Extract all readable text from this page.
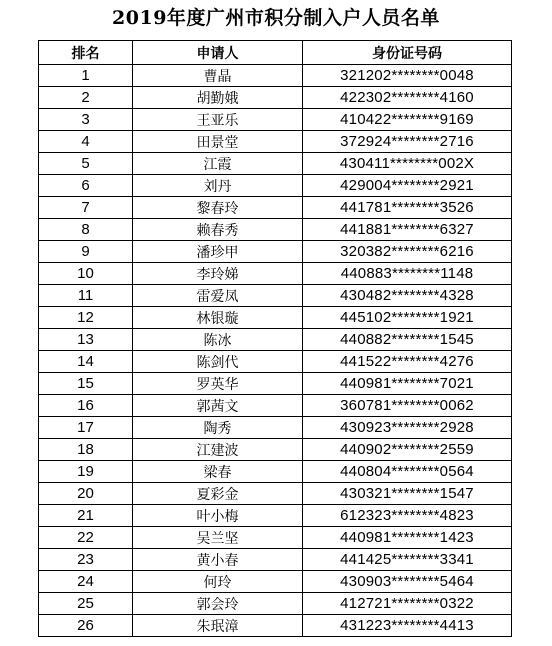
2019年度广州市积分制入户人员名单
排名	申请人	身份证号码
1	曹晶	321202********0048
2	胡勤娥	422302********4160
3	王亚乐	410422********9169
4	田景堂	372924********2716
5	江霞	430411********002X
6	刘丹	429004********2921
7	黎春玲	441781********3526
8	赖春秀	441881********6327
9	潘珍甲	320382********6216
10	李玲娣	440883********1148
11	雷爱凤	430482********4328
12	林银璇	445102********1921
13	陈冰	440882********1545
14	陈剑代	441522********4276
15	罗英华	440981********7021
16	郭茜文	360781********0062
17	陶秀	430923********2928
18	江建波	440902********2559
19	梁春	440804********0564
20	夏彩金	430321********1547
21	叶小梅	612323********4823
22	吴兰坚	440981********1423
23	黄小春	441425********3341
24	何玲	430903********5464
25	郭会玲	412721********0322
26	朱珉漳	431223********4413
